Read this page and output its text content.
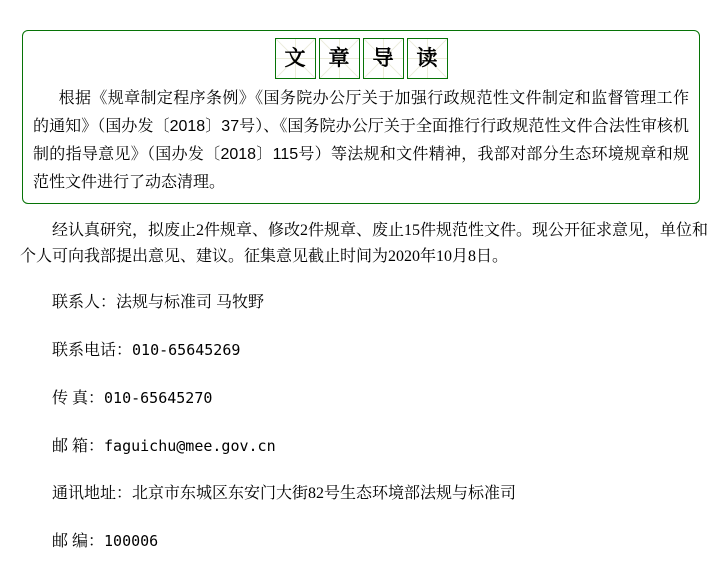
文 章 导 读

根据《规章制定程序条例》《国务院办公厅关于加强行政规范性文件制定和监督管理工作的通知》（国办发〔2018〕37号）、《国务院办公厅关于全面推行行政规范性文件合法性审核机制的指导意见》（国办发〔2018〕115号）等法规和文件精神，我部对部分生态环境规章和规范性文件进行了动态清理。

经认真研究，拟废止2件规章、修改2件规章、废止15件规范性文件。现公开征求意见，单位和个人可向我部提出意见、建议。征集意见截止时间为2020年10月8日。

联系人：法规与标准司 马牧野

联系电话：010-65645269

传 真：010-65645270

邮 箱：faguichu@mee.gov.cn

通讯地址：北京市东城区东安门大街82号生态环境部法规与标准司

邮 编：100006
